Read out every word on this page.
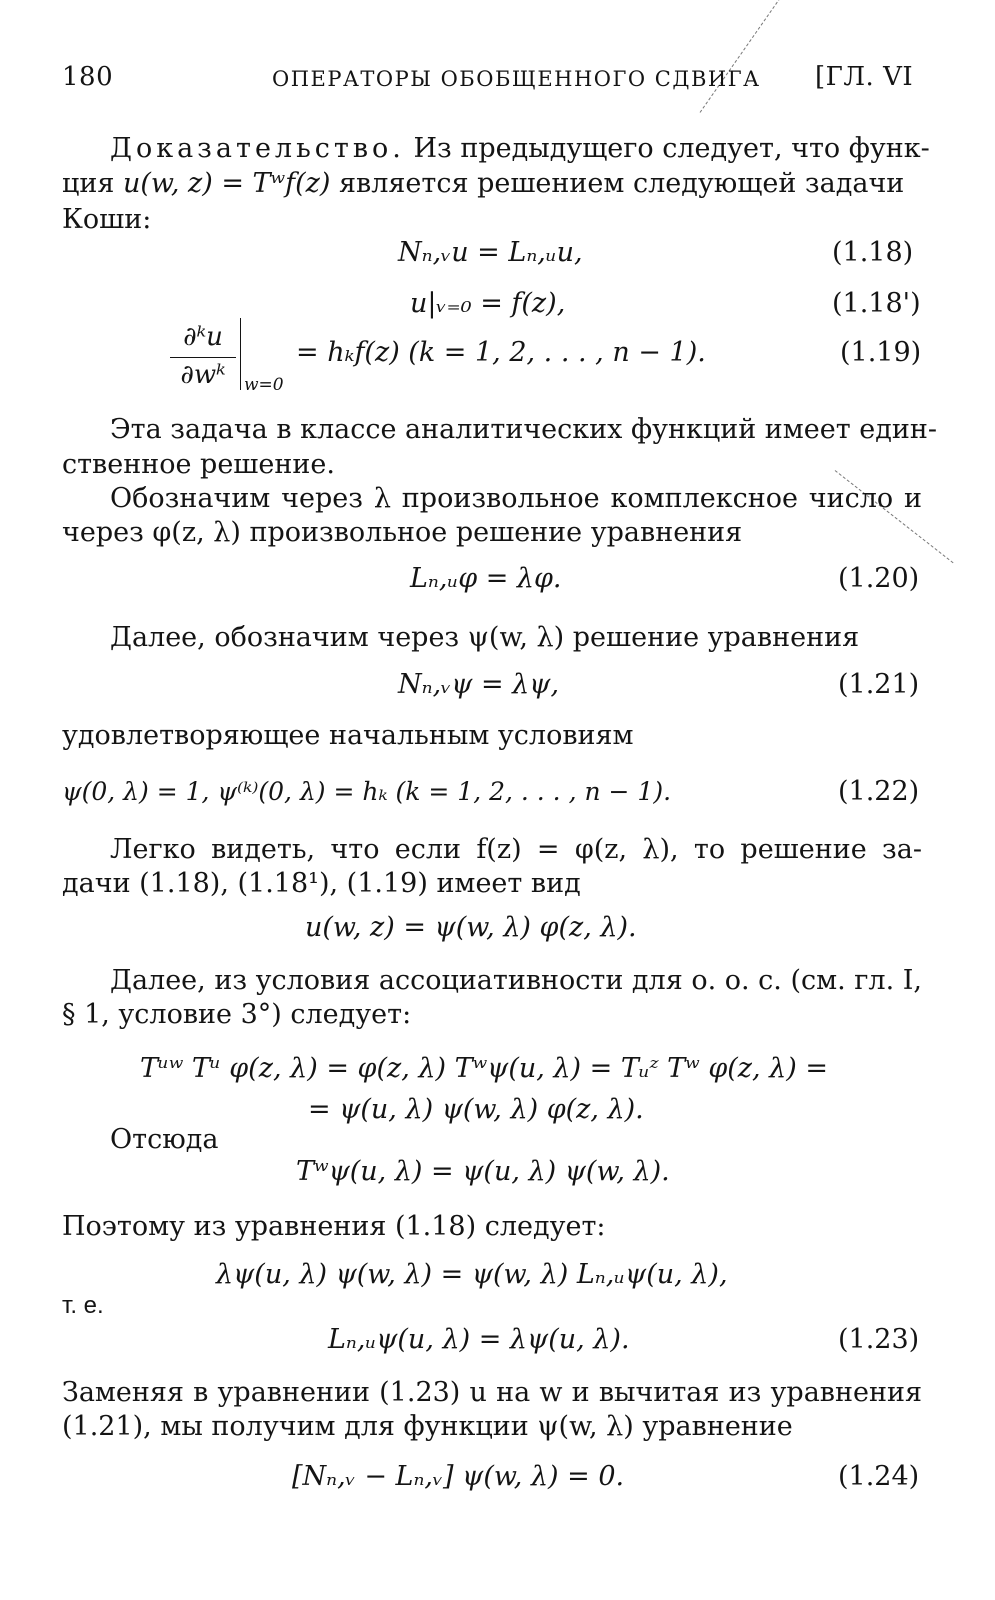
180	ОПЕРАТОРЫ ОБОБЩЕННОГО СДВИГА [ГЛ. VI
Доказательство. Из предыдущего следует, что функ-
ция u(w, z) = Tʷf(z) является решением следующей задачи
Коши:
Nₙ,ᵥu = Lₙ,ᵤu,	(1.18)
u|ᵥ₌₀ = f(z),	(1.18')
∂ᵏu
∂wᵏ	w=0
= hₖf(z) (k = 1, 2, . . . , n − 1).	(1.19)
Эта задача в классе аналитических функций имеет един-
ственное решение.
Обозначим через λ произвольное комплексное число и
через φ(z, λ) произвольное решение уравнения
Lₙ,ᵤφ = λφ.	(1.20)
Далее, обозначим через ψ(w, λ) решение уравнения
Nₙ,ᵥψ = λψ,	(1.21)
удовлетворяющее начальным условиям
ψ(0, λ) = 1, ψ⁽ᵏ⁾(0, λ) = hₖ (k = 1, 2, . . . , n − 1).	(1.22)
Легко видеть, что если f(z) = φ(z, λ), то решение за-
дачи (1.18), (1.18¹), (1.19) имеет вид
u(w, z) = ψ(w, λ) φ(z, λ).
Далее, из условия ассоциативности для о. о. с. (см. гл. I,
§ 1, условие 3°) следует:
Tᵘʷ Tᵘ φ(z, λ) = φ(z, λ) Tʷψ(u, λ) = Tᵤᶻ Tʷ φ(z, λ) =
= ψ(u, λ) ψ(w, λ) φ(z, λ).
Отсюда
Tʷψ(u, λ) = ψ(u, λ) ψ(w, λ).
Поэтому из уравнения (1.18) следует:
λψ(u, λ) ψ(w, λ) = ψ(w, λ) Lₙ,ᵤψ(u, λ),
т. е.
Lₙ,ᵤψ(u, λ) = λψ(u, λ).	(1.23)
Заменяя в уравнении (1.23) u на w и вычитая из уравнения
(1.21), мы получим для функции ψ(w, λ) уравнение
[Nₙ,ᵥ − Lₙ,ᵥ] ψ(w, λ) = 0.	(1.24)
